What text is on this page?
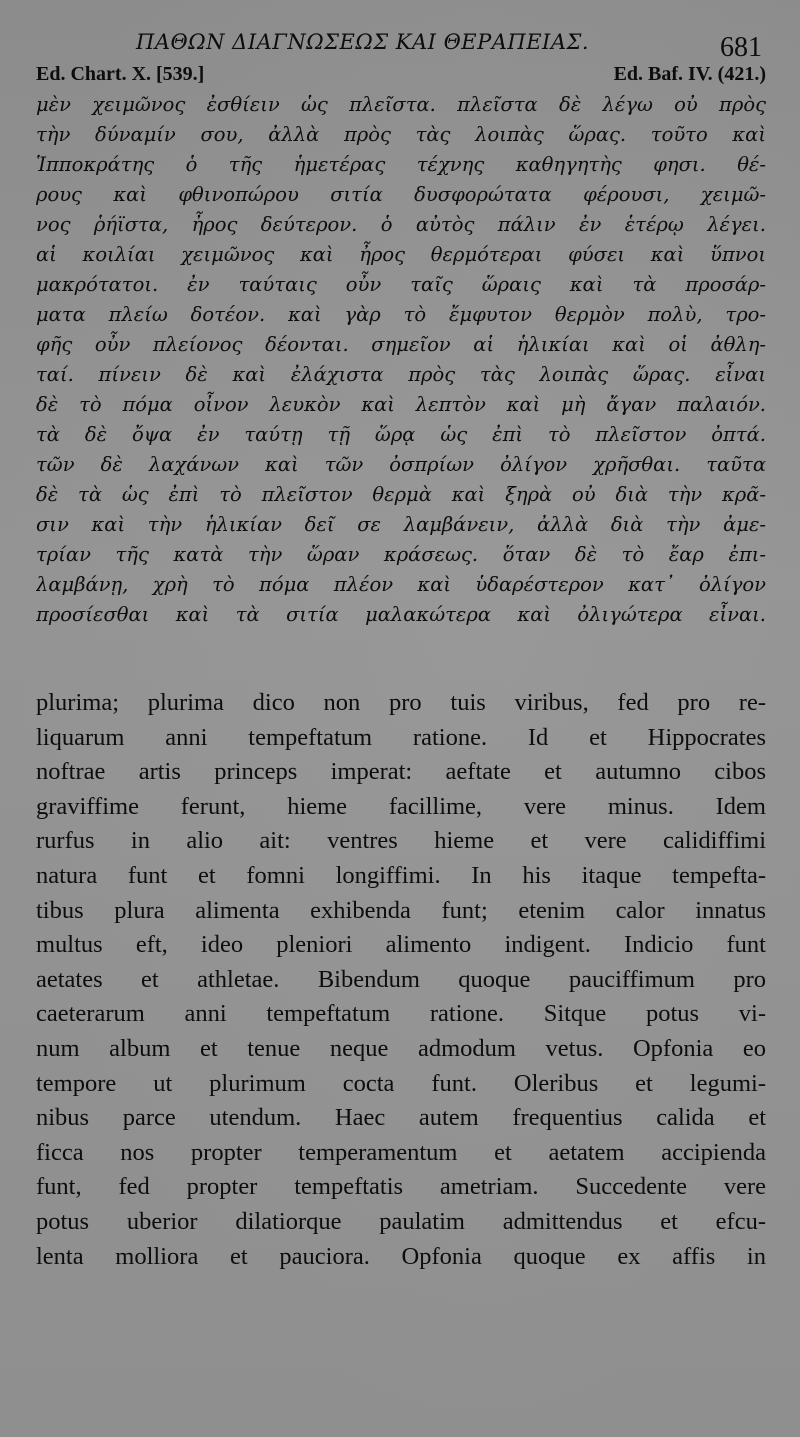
ΠΑΘΩΝ ΔΙΑΓΝΩΣΕΩΣ ΚΑΙ ΘΕΡΑΠΕΙΑΣ.	681
Ed. Chart. X. [539.]	Ed. Baf. IV. (421.)
μὲν χειμῶνος ἐσθίειν ὡς πλεῖστα. πλεῖστα δὲ λέγω οὐ πρὸς
τὴν δύναμίν σου, ἀλλὰ πρὸς τὰς λοιπὰς ὥρας. τοῦτο καὶ
Ἱπποκράτης ὁ τῆς ἡμετέρας τέχνης καθηγητὴς φησι. θέ-
ρους καὶ φθινοπώρου σιτία δυσφορώτατα φέρουσι, χειμῶ-
νος ῥήϊστα, ἦρος δεύτερον. ὁ αὐτὸς πάλιν ἐν ἑτέρῳ λέγει.
αἱ κοιλίαι χειμῶνος καὶ ἦρος θερμότεραι φύσει καὶ ὕπνοι
μακρότατοι. ἐν ταύταις οὖν ταῖς ὥραις καὶ τὰ προσάρ-
ματα πλείω δοτέον. καὶ γὰρ τὸ ἔμφυτον θερμὸν πολὺ, τρο-
φῆς οὖν πλείονος δέονται. σημεῖον αἱ ἡλικίαι καὶ οἱ ἀθλη-
ταί. πίνειν δὲ καὶ ἐλάχιστα πρὸς τὰς λοιπὰς ὥρας. εἶναι
δὲ τὸ πόμα οἶνον λευκὸν καὶ λεπτὸν καὶ μὴ ἄγαν παλαιόν.
τὰ δὲ ὄψα ἐν ταύτῃ τῇ ὥρᾳ ὡς ἐπὶ τὸ πλεῖστον ὀπτά.
τῶν δὲ λαχάνων καὶ τῶν ὀσπρίων ὀλίγον χρῆσθαι. ταῦτα
δὲ τὰ ὡς ἐπὶ τὸ πλεῖστον θερμὰ καὶ ξηρὰ οὐ διὰ τὴν κρᾶ-
σιν καὶ τὴν ἡλικίαν δεῖ σε λαμβάνειν, ἀλλὰ διὰ τὴν ἀμε-
τρίαν τῆς κατὰ τὴν ὥραν κράσεως. ὅταν δὲ τὸ ἔαρ ἐπι-
λαμβάνῃ, χρὴ τὸ πόμα πλέον καὶ ὑδαρέστερον κατ᾽ ὀλίγον
προσίεσθαι καὶ τὰ σιτία μαλακώτερα καὶ ὀλιγώτερα εἶναι.
plurima; plurima dico non pro tuis viribus, fed pro re-
liquarum anni tempeftatum ratione. Id et Hippocrates
noftrae artis princeps imperat: aeftate et autumno cibos
graviffime ferunt, hieme facillime, vere minus. Idem
rurfus in alio ait: ventres hieme et vere calidiffimi
natura funt et fomni longiffimi. In his itaque tempefta-
tibus plura alimenta exhibenda funt; etenim calor innatus
multus eft, ideo pleniori alimento indigent. Indicio funt
aetates et athletae. Bibendum quoque pauciffimum pro
caeterarum anni tempeftatum ratione. Sitque potus vi-
num album et tenue neque admodum vetus. Opfonia eo
tempore ut plurimum cocta funt. Oleribus et legumi-
nibus parce utendum. Haec autem frequentius calida et
ficca nos propter temperamentum et aetatem accipienda
funt, fed propter tempeftatis ametriam. Succedente vere
potus uberior dilatiorque paulatim admittendus et efcu-
lenta molliora et pauciora. Opfonia quoque ex affis in
